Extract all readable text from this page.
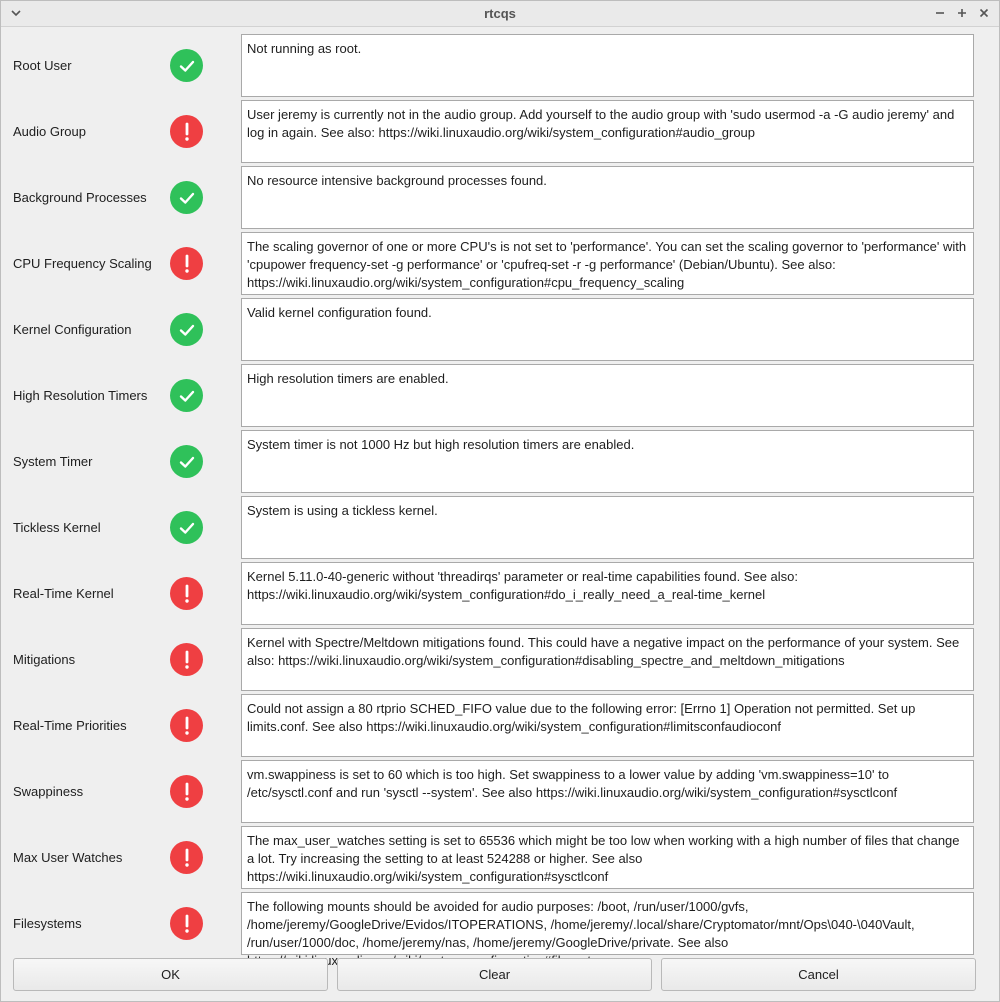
rtcqs
Root User
Not running as root.
Audio Group
User jeremy is currently not in the audio group. Add yourself to the audio group with 'sudo usermod -a -G audio jeremy' and log in again. See also: https://wiki.linuxaudio.org/wiki/system_configuration#audio_group
Background Processes
No resource intensive background processes found.
CPU Frequency Scaling
The scaling governor of one or more CPU's is not set to 'performance'. You can set the scaling governor to 'performance' with 'cpupower frequency-set -g performance' or 'cpufreq-set -r -g performance' (Debian/Ubuntu). See also: https://wiki.linuxaudio.org/wiki/system_configuration#cpu_frequency_scaling
Kernel Configuration
Valid kernel configuration found.
High Resolution Timers
High resolution timers are enabled.
System Timer
System timer is not 1000 Hz but high resolution timers are enabled.
Tickless Kernel
System is using a tickless kernel.
Real-Time Kernel
Kernel 5.11.0-40-generic without 'threadirqs' parameter or real-time capabilities found. See also: https://wiki.linuxaudio.org/wiki/system_configuration#do_i_really_need_a_real-time_kernel
Mitigations
Kernel with Spectre/Meltdown mitigations found. This could have a negative impact on the performance of your system. See also: https://wiki.linuxaudio.org/wiki/system_configuration#disabling_spectre_and_meltdown_mitigations
Real-Time Priorities
Could not assign a 80 rtprio SCHED_FIFO value due to the following error: [Errno 1] Operation not permitted. Set up limits.conf. See also https://wiki.linuxaudio.org/wiki/system_configuration#limitsconfaudioconf
Swappiness
vm.swappiness is set to 60 which is too high. Set swappiness to a lower value by adding 'vm.swappiness=10' to /etc/sysctl.conf and run 'sysctl --system'. See also https://wiki.linuxaudio.org/wiki/system_configuration#sysctlconf
Max User Watches
The max_user_watches setting is set to 65536 which might be too low when working with a high number of files that change a lot. Try increasing the setting to at least 524288 or higher. See also https://wiki.linuxaudio.org/wiki/system_configuration#sysctlconf
Filesystems
The following mounts should be avoided for audio purposes: /boot, /run/user/1000/gvfs, /home/jeremy/GoogleDrive/Evidos/ITOPERATIONS, /home/jeremy/.local/share/Cryptomator/mnt/Ops\040-\040Vault, /run/user/1000/doc, /home/jeremy/nas, /home/jeremy/GoogleDrive/private. See also
OK	Clear	Cancel
